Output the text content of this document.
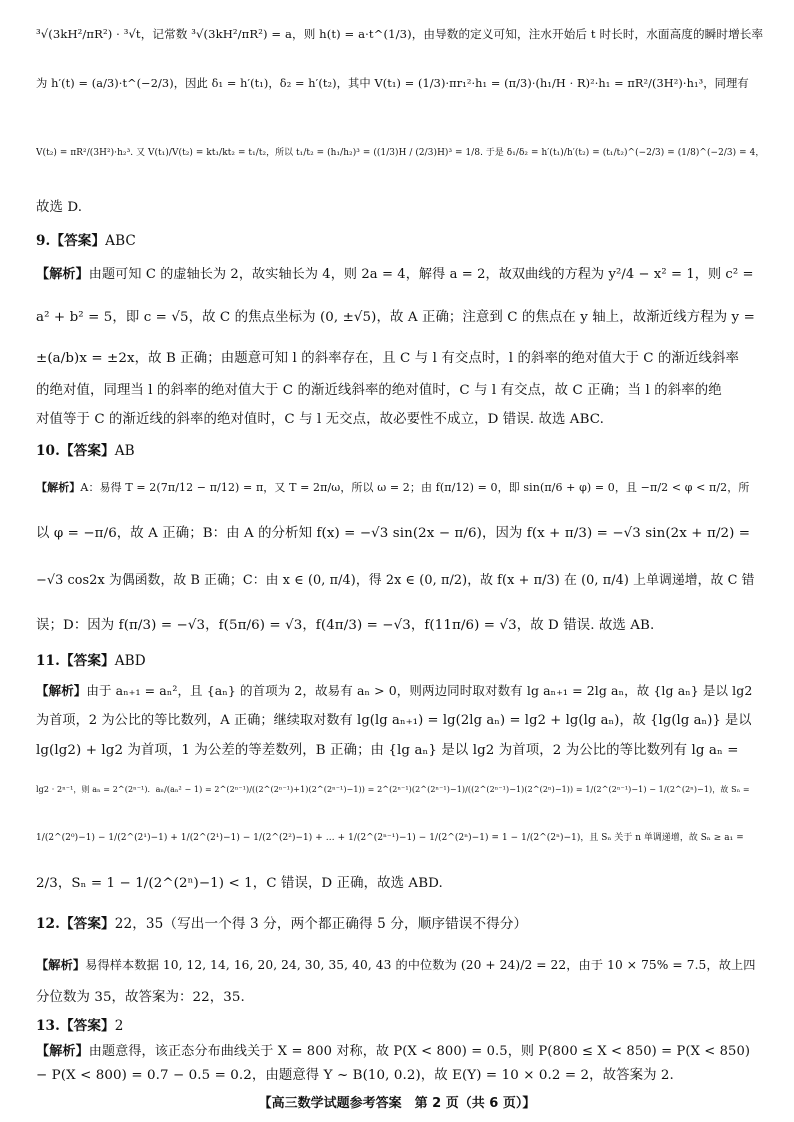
³√(3kH²/πR²) · ³√t，记常数 ³√(3kH²/πR²) = a，则 h(t) = a·t^(1/3)，由导数的定义可知，注水开始后 t 时长时，水面高度的瞬时增长率
为 h′(t) = (a/3)·t^(−2/3)，因此 δ₁ = h′(t₁)，δ₂ = h′(t₂)，其中 V(t₁) = (1/3)·πr₁²·h₁ = (π/3)·(h₁/H · R)²·h₁ = πR²/(3H²)·h₁³，同理有
V(t₂) = πR²/(3H²)·h₂³. 又 V(t₁)/V(t₂) = kt₁/kt₂ = t₁/t₂，所以 t₁/t₂ = (h₁/h₂)³ = ((1/3)H / (2/3)H)³ = 1/8. 于是 δ₁/δ₂ = h′(t₁)/h′(t₂) = (t₁/t₂)^(−2/3) = (1/8)^(−2/3) = 4，
故选 D.
9.【答案】ABC
【解析】由题可知 C 的虚轴长为 2，故实轴长为 4，则 2a = 4，解得 a = 2，故双曲线的方程为 y²/4 − x² = 1，则 c² =
a² + b² = 5，即 c = √5，故 C 的焦点坐标为 (0, ±√5)，故 A 正确；注意到 C 的焦点在 y 轴上，故渐近线方程为 y =
±(a/b)x = ±2x，故 B 正确；由题意可知 l 的斜率存在，且 C 与 l 有交点时，l 的斜率的绝对值大于 C 的渐近线斜率
的绝对值，同理当 l 的斜率的绝对值大于 C 的渐近线斜率的绝对值时，C 与 l 有交点，故 C 正确；当 l 的斜率的绝
对值等于 C 的渐近线的斜率的绝对值时，C 与 l 无交点，故必要性不成立，D 错误. 故选 ABC.
10.【答案】AB
【解析】A：易得 T = 2(7π/12 − π/12) = π，又 T = 2π/ω，所以 ω = 2；由 f(π/12) = 0，即 sin(π/6 + φ) = 0，且 −π/2 < φ < π/2，所
以 φ = −π/6，故 A 正确；B：由 A 的分析知 f(x) = −√3 sin(2x − π/6)，因为 f(x + π/3) = −√3 sin(2x + π/2) =
−√3 cos2x 为偶函数，故 B 正确；C：由 x ∈ (0, π/4)，得 2x ∈ (0, π/2)，故 f(x + π/3) 在 (0, π/4) 上单调递增，故 C 错
误；D：因为 f(π/3) = −√3，f(5π/6) = √3，f(4π/3) = −√3，f(11π/6) = √3，故 D 错误. 故选 AB.
11.【答案】ABD
【解析】由于 aₙ₊₁ = aₙ²，且 {aₙ} 的首项为 2，故易有 aₙ > 0，则两边同时取对数有 lg aₙ₊₁ = 2lg aₙ，故 {lg aₙ} 是以 lg2
为首项，2 为公比的等比数列，A 正确；继续取对数有 lg(lg aₙ₊₁) = lg(2lg aₙ) = lg2 + lg(lg aₙ)，故 {lg(lg aₙ)} 是以
lg(lg2) + lg2 为首项，1 为公差的等差数列，B 正确；由 {lg aₙ} 是以 lg2 为首项，2 为公比的等比数列有 lg aₙ =
lg2 · 2ⁿ⁻¹，则 aₙ = 2^(2ⁿ⁻¹)．aₙ/(aₙ² − 1) = 2^(2ⁿ⁻¹)/((2^(2ⁿ⁻¹)+1)(2^(2ⁿ⁻¹)−1)) = 2^(2ⁿ⁻¹)(2^(2ⁿ⁻¹)−1)/((2^(2ⁿ⁻¹)−1)(2^(2ⁿ)−1)) = 1/(2^(2ⁿ⁻¹)−1) − 1/(2^(2ⁿ)−1)，故 Sₙ =
1/(2^(2⁰)−1) − 1/(2^(2¹)−1) + 1/(2^(2¹)−1) − 1/(2^(2²)−1) + … + 1/(2^(2ⁿ⁻¹)−1) − 1/(2^(2ⁿ)−1) = 1 − 1/(2^(2ⁿ)−1)，且 Sₙ 关于 n 单调递增，故 Sₙ ≥ a₁ =
2/3，Sₙ = 1 − 1/(2^(2ⁿ)−1) < 1，C 错误，D 正确，故选 ABD.
12.【答案】22，35（写出一个得 3 分，两个都正确得 5 分，顺序错误不得分）
【解析】易得样本数据 10, 12, 14, 16, 20, 24, 30, 35, 40, 43 的中位数为 (20 + 24)/2 = 22，由于 10 × 75% = 7.5，故上四
分位数为 35，故答案为：22，35.
13.【答案】2
【解析】由题意得，该正态分布曲线关于 X = 800 对称，故 P(X < 800) = 0.5，则 P(800 ≤ X < 850) = P(X < 850)
− P(X < 800) = 0.7 − 0.5 = 0.2，由题意得 Y ~ B(10, 0.2)，故 E(Y) = 10 × 0.2 = 2，故答案为 2.
【高三数学试题参考答案　第 2 页（共 6 页）】
